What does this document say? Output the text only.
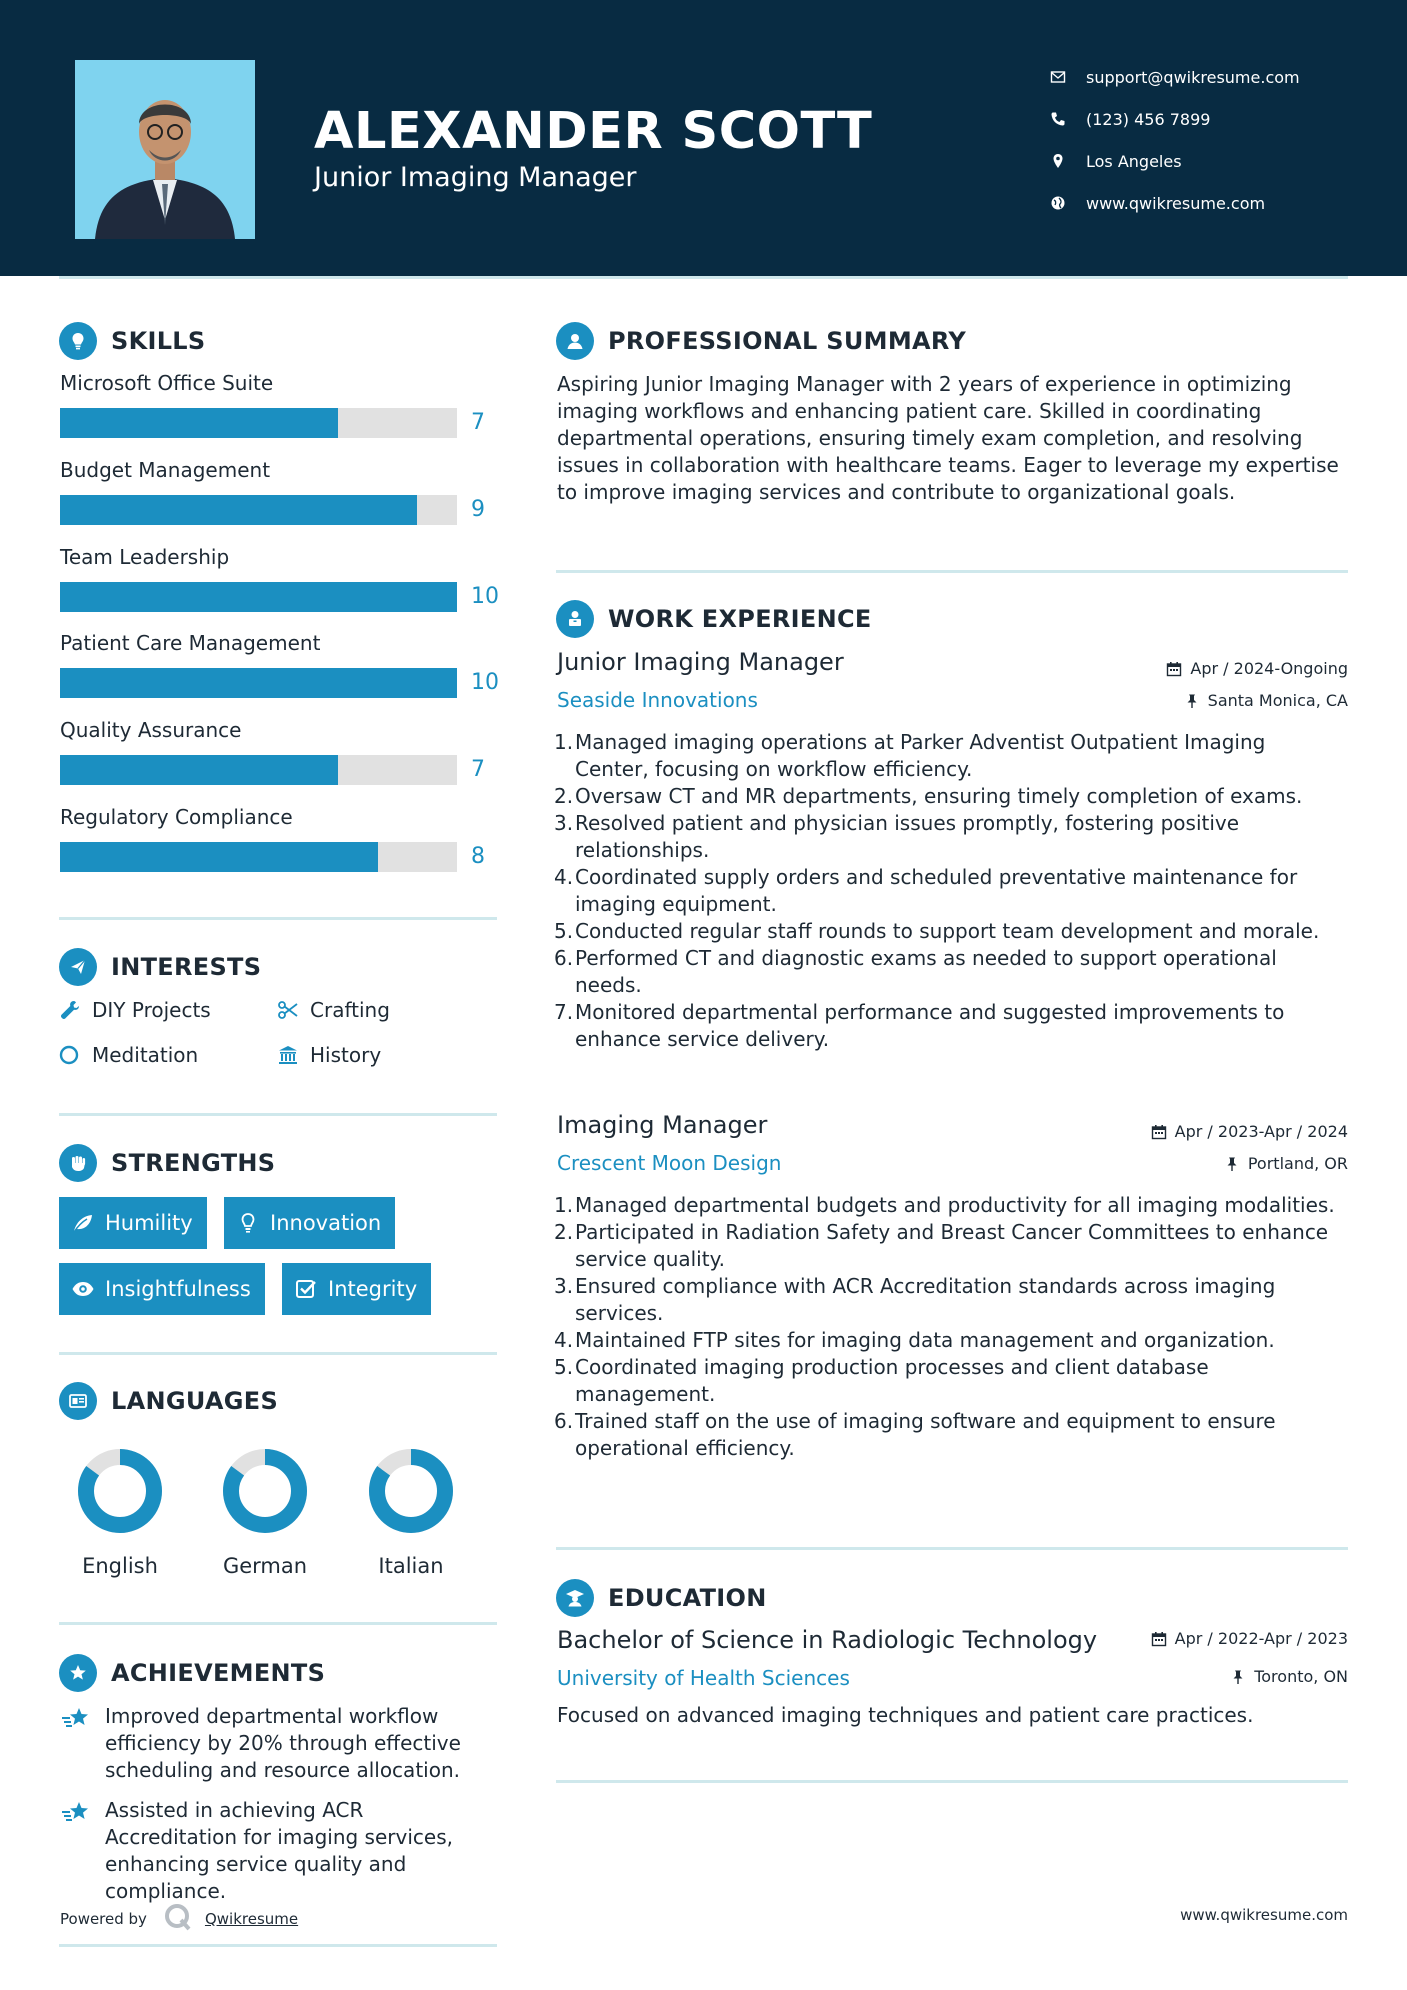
ALEXANDER SCOTT
Junior Imaging Manager
support@qwikresume.com
(123) 456 7899
Los Angeles
www.qwikresume.com
SKILLS
Microsoft Office Suite
7
Budget Management
9
Team Leadership
10
Patient Care Management
10
Quality Assurance
7
Regulatory Compliance
8
INTERESTS
DIY Projects	Crafting
Meditation	History
STRENGTHS
Humility	Innovation
Insightfulness	Integrity
LANGUAGES
English	German	Italian
ACHIEVEMENTS
Improved departmental workflow efficiency by 20% through effective scheduling and resource allocation.
Assisted in achieving ACR Accreditation for imaging services, enhancing service quality and compliance.
PROFESSIONAL SUMMARY
Aspiring Junior Imaging Manager with 2 years of experience in optimizing imaging workflows and enhancing patient care. Skilled in coordinating departmental operations, ensuring timely exam completion, and resolving issues in collaboration with healthcare teams. Eager to leverage my expertise to improve imaging services and contribute to organizational goals.
WORK EXPERIENCE
Junior Imaging Manager
Seaside Innovations
Apr / 2024-Ongoing
Santa Monica, CA
Managed imaging operations at Parker Adventist Outpatient Imaging Center, focusing on workflow efficiency.
Oversaw CT and MR departments, ensuring timely completion of exams.
Resolved patient and physician issues promptly, fostering positive relationships.
Coordinated supply orders and scheduled preventative maintenance for imaging equipment.
Conducted regular staff rounds to support team development and morale.
Performed CT and diagnostic exams as needed to support operational needs.
Monitored departmental performance and suggested improvements to enhance service delivery.
Imaging Manager
Crescent Moon Design
Apr / 2023-Apr / 2024
Portland, OR
Managed departmental budgets and productivity for all imaging modalities.
Participated in Radiation Safety and Breast Cancer Committees to enhance service quality.
Ensured compliance with ACR Accreditation standards across imaging services.
Maintained FTP sites for imaging data management and organization.
Coordinated imaging production processes and client database management.
Trained staff on the use of imaging software and equipment to ensure operational efficiency.
EDUCATION
Bachelor of Science in Radiologic Technology
University of Health Sciences
Apr / 2022-Apr / 2023
Toronto, ON
Focused on advanced imaging techniques and patient care practices.
Powered by	Qwikresume	www.qwikresume.com
